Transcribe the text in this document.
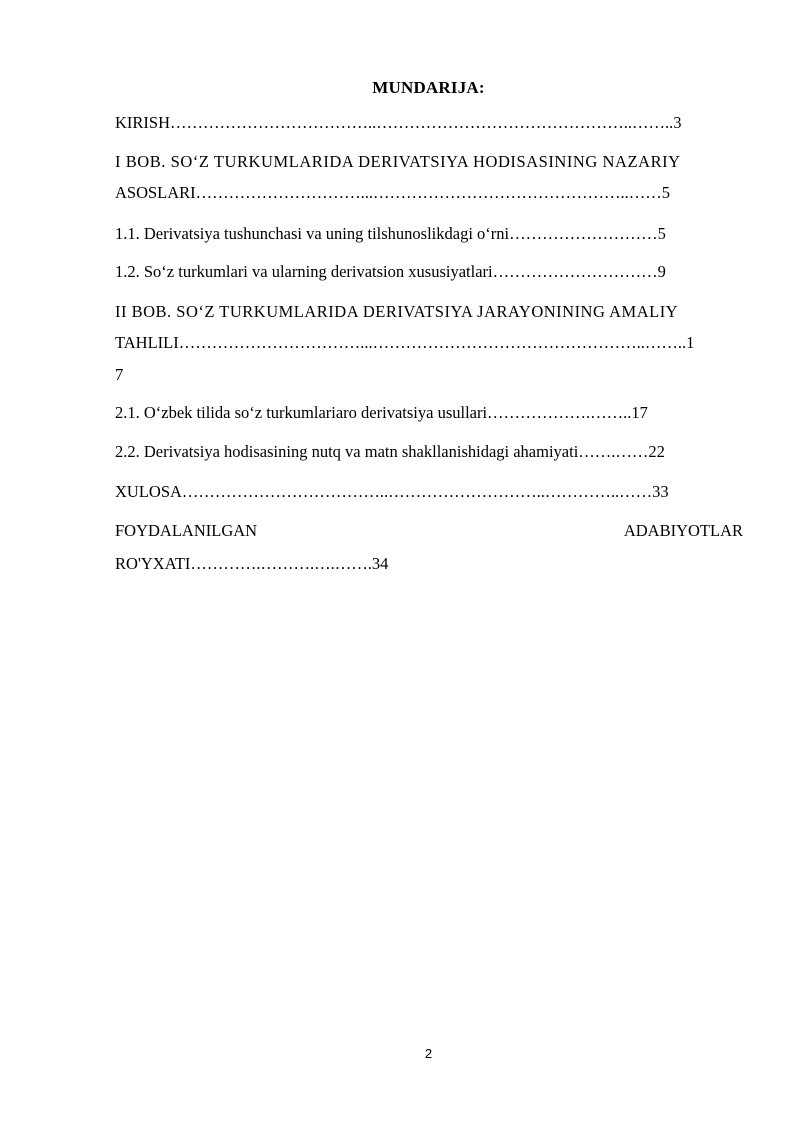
MUNDARIJA:
KIRISH………………………………..………………………………………..……..3
I BOB. SO‘Z TURKUMLARIDA DERIVATSIYA HODISASINING NAZARIY
ASOSLARI…………………………...………………………………………..……5
1.1. Derivatsiya tushunchasi va uning tilshunoslikdagi o‘rni………………………5
1.2. So‘z turkumlari va ularning derivatsion xususiyatlari…………………………9
II BOB. SO‘Z TURKUMLARIDA DERIVATSIYA JARAYONINING AMALIY
TAHLILI……………………………...…………………………………………..……..1
7
2.1. O‘zbek tilida so‘z turkumlariaro derivatsiya usullari……………….……..17
2.2. Derivatsiya hodisasining nutq va matn shakllanishidagi ahamiyati…….……22
XULOSA………………………………..………………………..…………..……33
FOYDALANILGAN	ADABIYOTLAR
RO'YXATI………….……….….…….34
2
